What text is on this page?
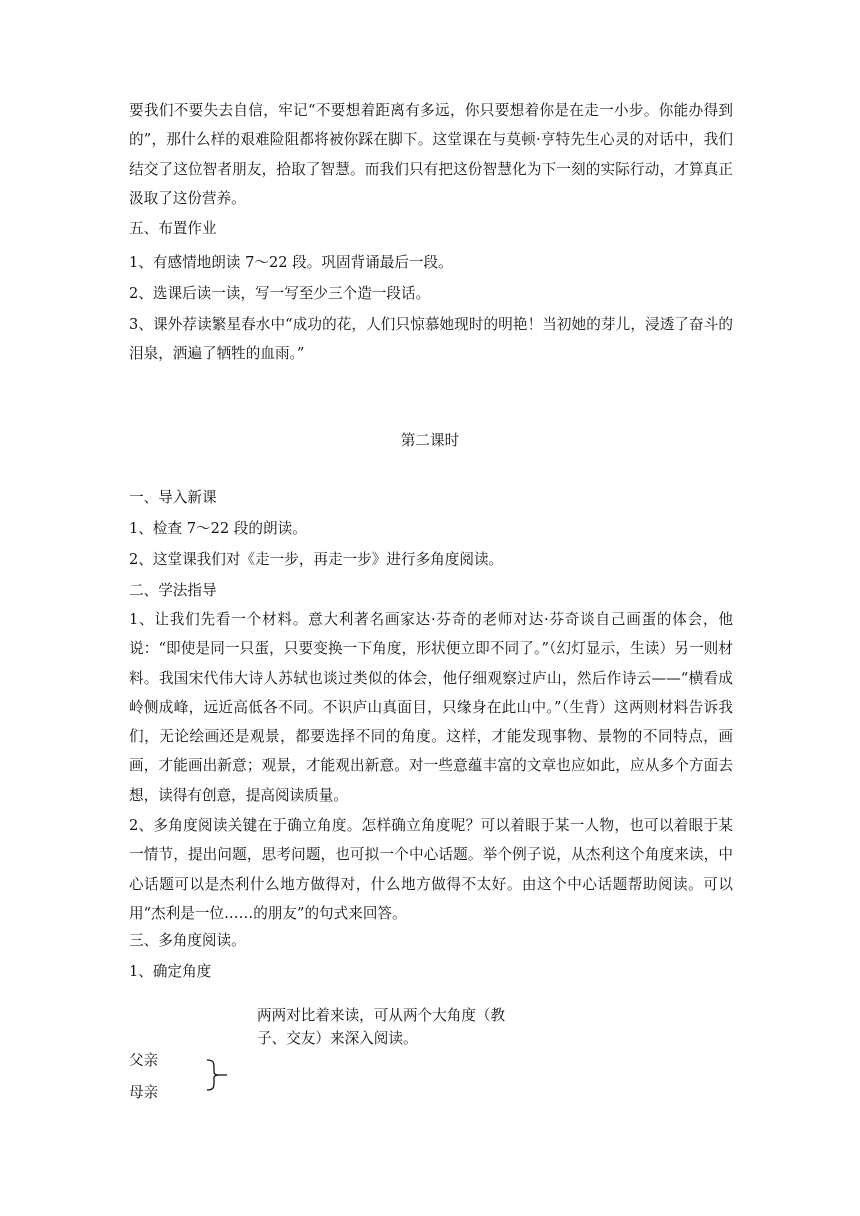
要我们不要失去自信，牢记“不要想着距离有多远，你只要想着你是在走一小步。你能办得到的”，那什么样的艰难险阻都将被你踩在脚下。这堂课在与莫顿·亨特先生心灵的对话中，我们结交了这位智者朋友，拾取了智慧。而我们只有把这份智慧化为下一刻的实际行动，才算真正汲取了这份营养。

五、布置作业

1、有感情地朗读 7～22 段。巩固背诵最后一段。

2、选课后读一读，写一写至少三个造一段话。

3、课外荐读繁星春水中“成功的花，人们只惊慕她现时的明艳！当初她的芽儿，浸透了奋斗的泪泉，洒遍了牺牲的血雨。”

第二课时

一、导入新课

1、检查 7～22 段的朗读。

2、这堂课我们对《走一步，再走一步》进行多角度阅读。

二、学法指导

1、让我们先看一个材料。意大利著名画家达·芬奇的老师对达·芬奇谈自己画蛋的体会，他说：“即使是同一只蛋，只要变换一下角度，形状便立即不同了。”（幻灯显示，生读）另一则材料。我国宋代伟大诗人苏轼也谈过类似的体会，他仔细观察过庐山，然后作诗云——“横看成岭侧成峰，远近高低各不同。不识庐山真面目，只缘身在此山中。”（生背）这两则材料告诉我们，无论绘画还是观景，都要选择不同的角度。这样，才能发现事物、景物的不同特点，画画，才能画出新意；观景，才能观出新意。对一些意蕴丰富的文章也应如此，应从多个方面去想，读得有创意，提高阅读质量。

2、多角度阅读关键在于确立角度。怎样确立角度呢？可以着眼于某一人物，也可以着眼于某一情节，提出问题，思考问题，也可拟一个中心话题。举个例子说，从杰利这个角度来读，中心话题可以是杰利什么地方做得对，什么地方做得不太好。由这个中心话题帮助阅读。可以用“杰利是一位……的朋友”的句式来回答。

三、多角度阅读。

1、确定角度

两两对比着来读，可从两个大角度（教子、交友）来深入阅读。

父亲

母亲
